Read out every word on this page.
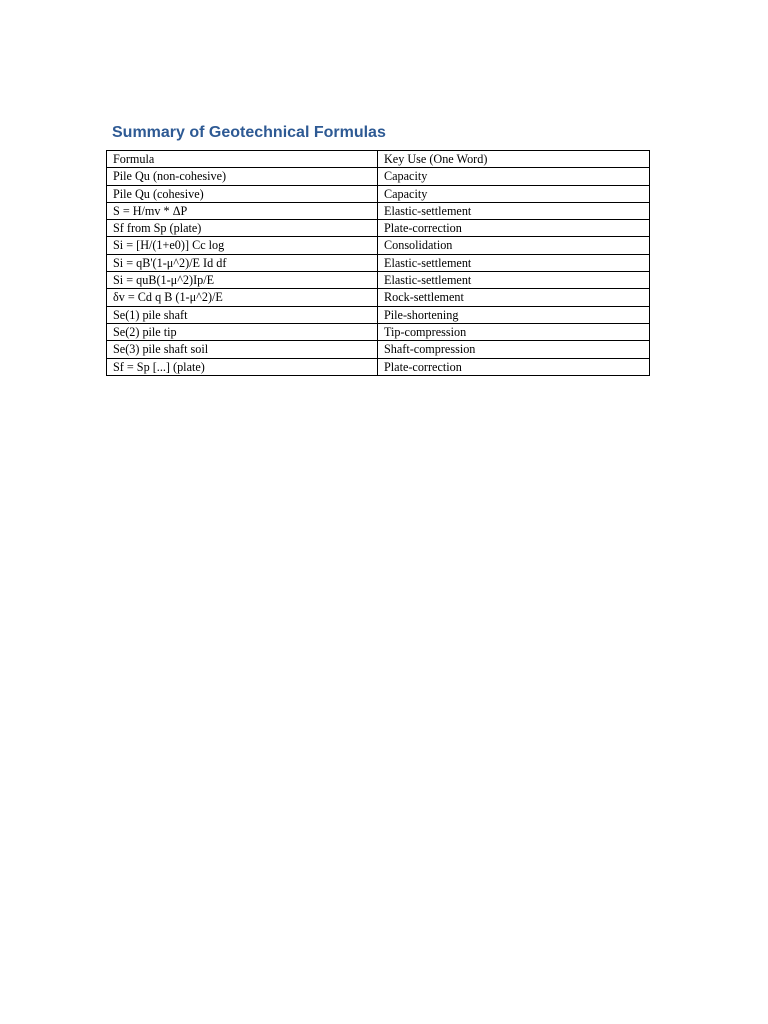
Summary of Geotechnical Formulas
Formula	Key Use (One Word)
Pile Qu (non-cohesive)	Capacity
Pile Qu (cohesive)	Capacity
S = H/mv * ΔP	Elastic-settlement
Sf from Sp (plate)	Plate-correction
Si = [H/(1+e0)] Cc log	Consolidation
Si = qB'(1-μ^2)/E Id df	Elastic-settlement
Si = quB(1-μ^2)Ip/E	Elastic-settlement
δv = Cd q B (1-μ^2)/E	Rock-settlement
Se(1) pile shaft	Pile-shortening
Se(2) pile tip	Tip-compression
Se(3) pile shaft soil	Shaft-compression
Sf = Sp [...] (plate)	Plate-correction
